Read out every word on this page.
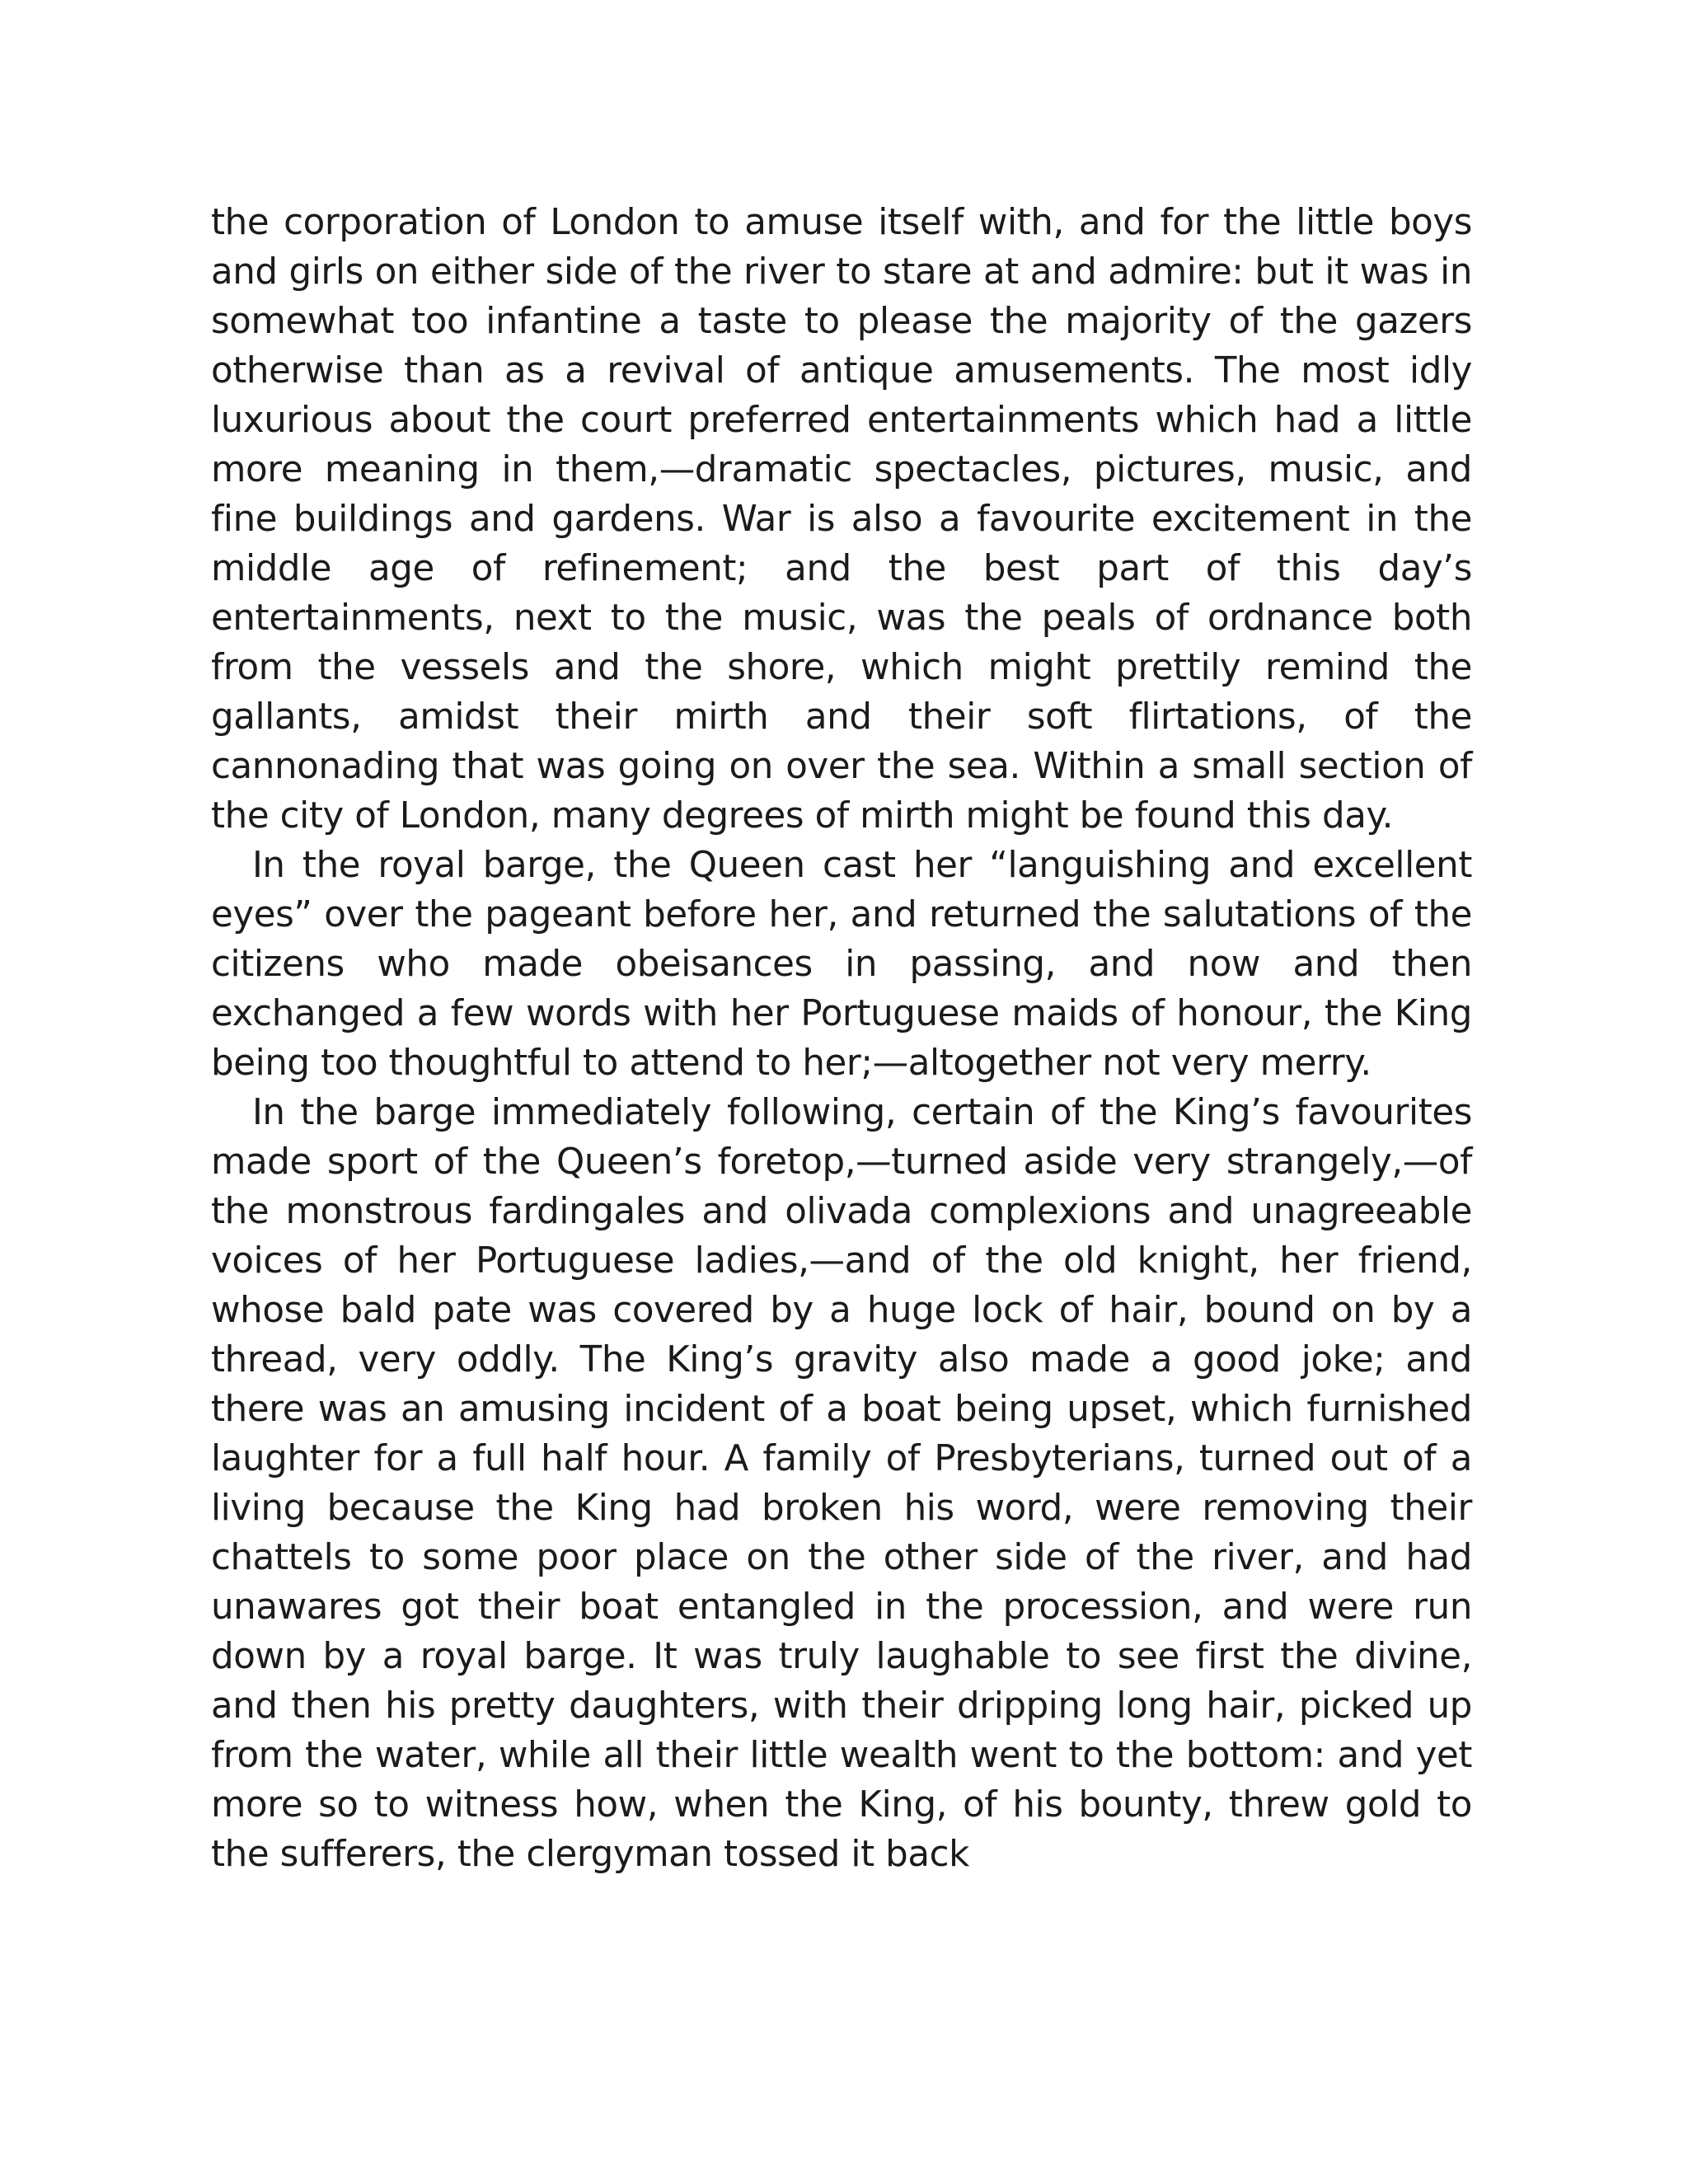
the corporation of London to amuse itself with, and for the little boys and girls on either side of the river to stare at and admire: but it was in somewhat too infantine a taste to please the majority of the gazers otherwise than as a revival of antique amusements. The most idly luxurious about the court preferred entertainments which had a little more meaning in them,—dramatic spectacles, pictures, music, and fine buildings and gardens. War is also a favourite excitement in the middle age of refinement; and the best part of this day’s entertainments, next to the music, was the peals of ordnance both from the vessels and the shore, which might prettily remind the gallants, amidst their mirth and their soft flirtations, of the cannonading that was going on over the sea. Within a small section of the city of London, many degrees of mirth might be found this day.

In the royal barge, the Queen cast her “languishing and excellent eyes” over the pageant before her, and returned the salutations of the citizens who made obeisances in passing, and now and then exchanged a few words with her Portuguese maids of honour, the King being too thoughtful to attend to her;—altogether not very merry.

In the barge immediately following, certain of the King’s favourites made sport of the Queen’s foretop,—turned aside very strangely,—of the monstrous fardingales and olivada complexions and unagreeable voices of her Portuguese ladies,—and of the old knight, her friend, whose bald pate was covered by a huge lock of hair, bound on by a thread, very oddly. The King’s gravity also made a good joke; and there was an amusing incident of a boat being upset, which furnished laughter for a full half hour. A family of Presbyterians, turned out of a living because the King had broken his word, were removing their chattels to some poor place on the other side of the river, and had unawares got their boat entangled in the procession, and were run down by a royal barge. It was truly laughable to see first the divine, and then his pretty daughters, with their dripping long hair, picked up from the water, while all their little wealth went to the bottom: and yet more so to witness how, when the King, of his bounty, threw gold to the sufferers, the clergyman tossed it back
